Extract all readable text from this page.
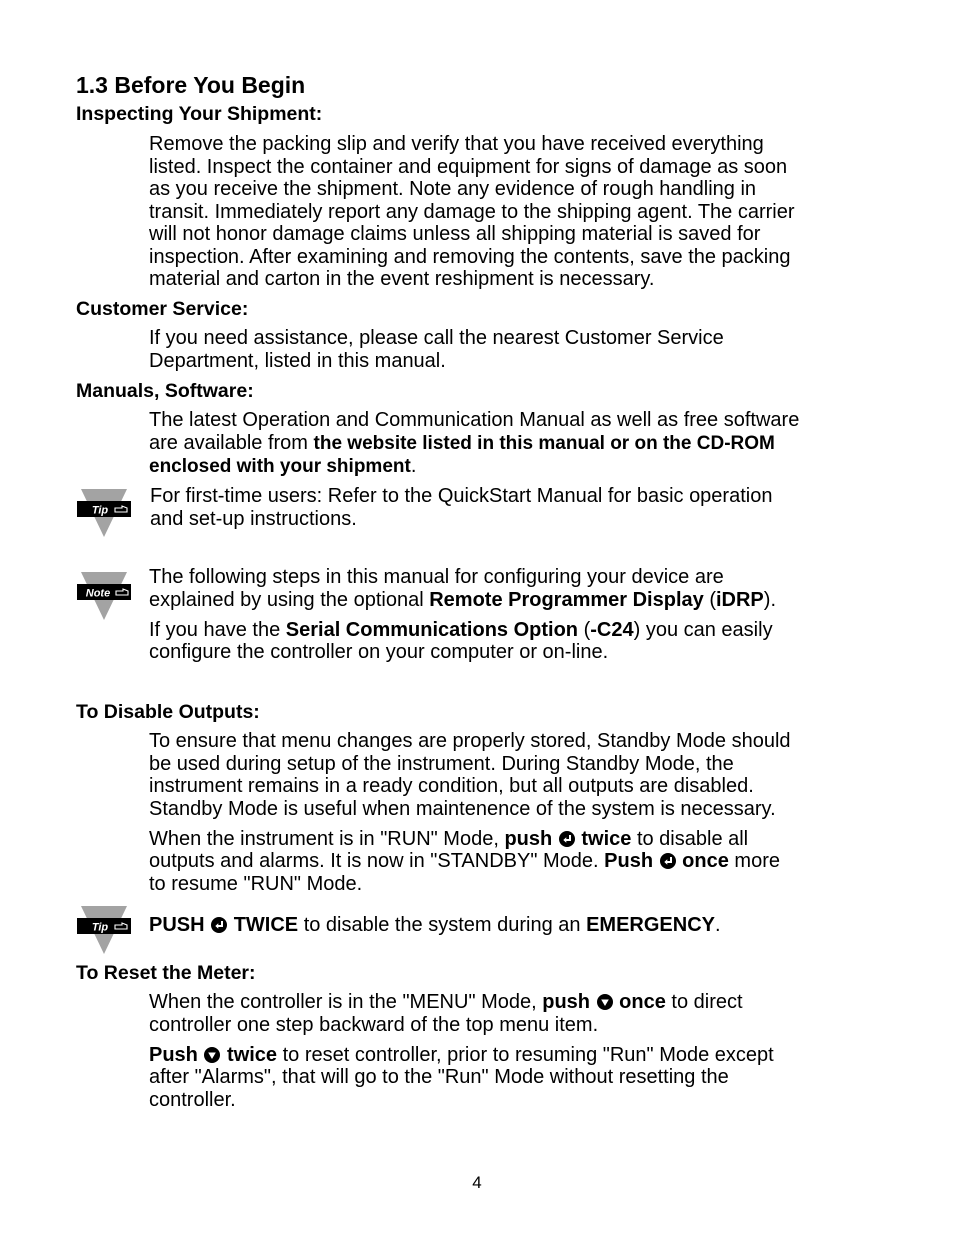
1.3 Before You Begin
Inspecting Your Shipment:

Remove the packing slip and verify that you have received everything

listed. Inspect the container and equipment for signs of damage as soon

as you receive the shipment. Note any evidence of rough handling in

transit. Immediately report any damage to the shipping agent. The carrier

will not honor damage claims unless all shipping material is saved for

inspection. After examining and removing the contents, save the packing

material and carton in the event reshipment is necessary.

Customer Service:

If you need assistance, please call the nearest Customer Service

Department, listed in this manual.

Manuals, Software:

The latest Operation and Communication Manual as well as free software

are available from the website listed in this manual or on the CD-ROM

enclosed with your shipment.

Tip

For first-time users: Refer to the QuickStart Manual for basic operation

and set-up instructions.

Note

The following steps in this manual for configuring your device are

explained by using the optional Remote Programmer Display (iDRP).

If you have the Serial Communications Option (-C24) you can easily

configure the controller on your computer or on-line.

To Disable Outputs:

To ensure that menu changes are properly stored, Standby Mode should

be used during setup of the instrument. During Standby Mode, the

instrument remains in a ready condition, but all outputs are disabled.

Standby Mode is useful when maintenence of the system is necessary.

When the instrument is in "RUN" Mode, push twice to disable all

outputs and alarms. It is now in "STANDBY" Mode. Push once more

to resume "RUN" Mode.

Tip PUSH TWICE to disable the system during an EMERGENCY.

To Reset the Meter:

When the controller is in the "MENU" Mode, push once to direct

controller one step backward of the top menu item.

Push twice to reset controller, prior to resuming "Run" Mode except

after "Alarms", that will go to the "Run" Mode without resetting the

controller.

4
